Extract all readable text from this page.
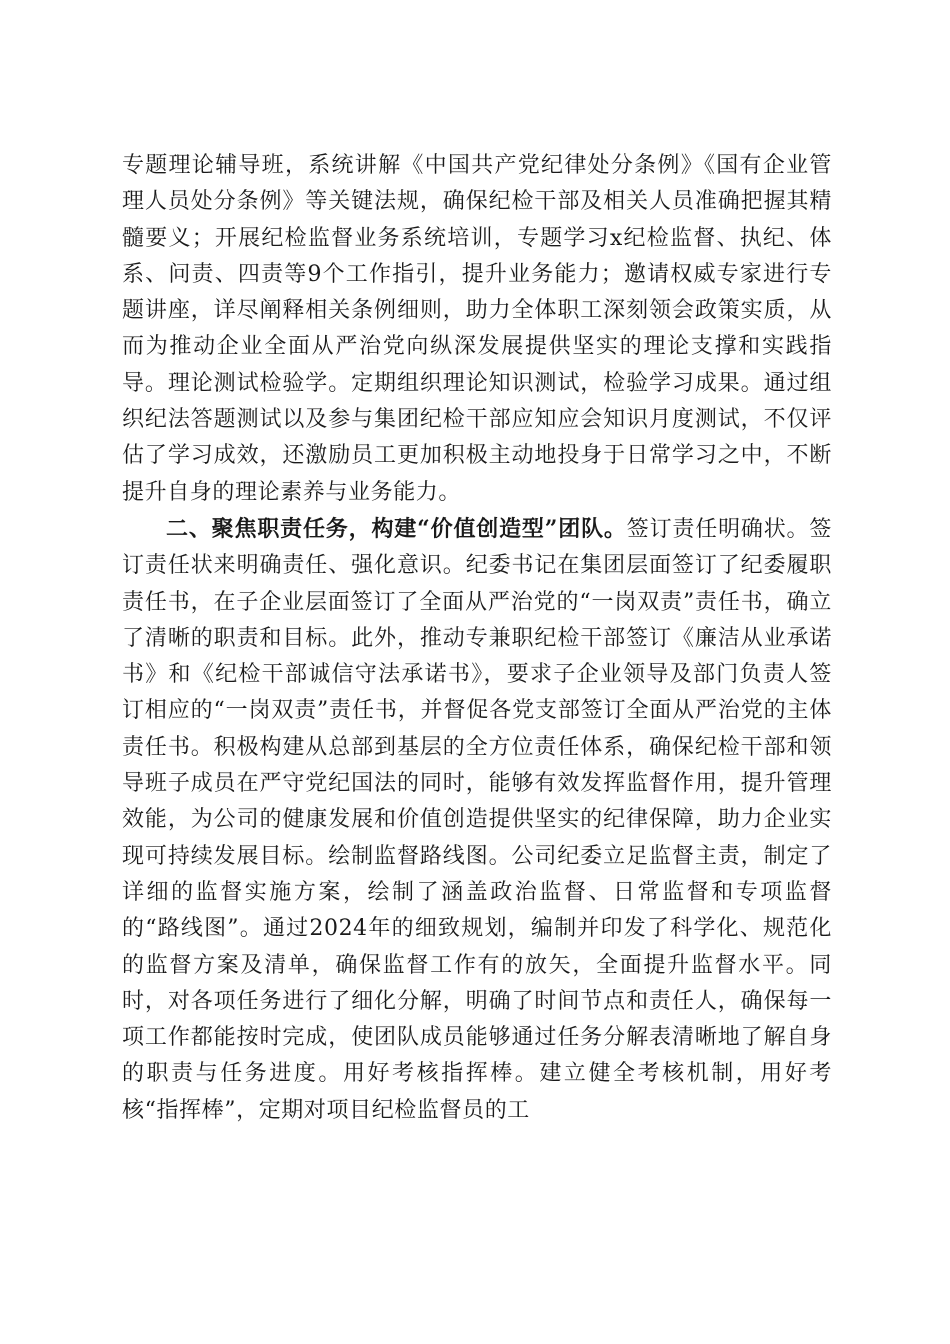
专题理论辅导班，系统讲解《中国共产党纪律处分条例》《国有企业管理人员处分条例》等关键法规，确保纪检干部及相关人员准确把握其精髓要义；开展纪检监督业务系统培训，专题学习x纪检监督、执纪、体系、问责、四责等9个工作指引，提升业务能力；邀请权威专家进行专题讲座，详尽阐释相关条例细则，助力全体职工深刻领会政策实质，从而为推动企业全面从严治党向纵深发展提供坚实的理论支撑和实践指导。理论测试检验学。定期组织理论知识测试，检验学习成果。通过组织纪法答题测试以及参与集团纪检干部应知应会知识月度测试，不仅评估了学习成效，还激励员工更加积极主动地投身于日常学习之中，不断提升自身的理论素养与业务能力。

二、聚焦职责任务，构建“价值创造型”团队。签订责任明确状。签订责任状来明确责任、强化意识。纪委书记在集团层面签订了纪委履职责任书，在子企业层面签订了全面从严治党的“一岗双责”责任书，确立了清晰的职责和目标。此外，推动专兼职纪检干部签订《廉洁从业承诺书》和《纪检干部诚信守法承诺书》，要求子企业领导及部门负责人签订相应的“一岗双责”责任书，并督促各党支部签订全面从严治党的主体责任书。积极构建从总部到基层的全方位责任体系，确保纪检干部和领导班子成员在严守党纪国法的同时，能够有效发挥监督作用，提升管理效能，为公司的健康发展和价值创造提供坚实的纪律保障，助力企业实现可持续发展目标。绘制监督路线图。公司纪委立足监督主责，制定了详细的监督实施方案，绘制了涵盖政治监督、日常监督和专项监督的“路线图”。通过2024年的细致规划，编制并印发了科学化、规范化的监督方案及清单，确保监督工作有的放矢，全面提升监督水平。同时，对各项任务进行了细化分解，明确了时间节点和责任人，确保每一项工作都能按时完成，使团队成员能够通过任务分解表清晰地了解自身的职责与任务进度。用好考核指挥棒。建立健全考核机制，用好考核“指挥棒”，定期对项目纪检监督员的工
